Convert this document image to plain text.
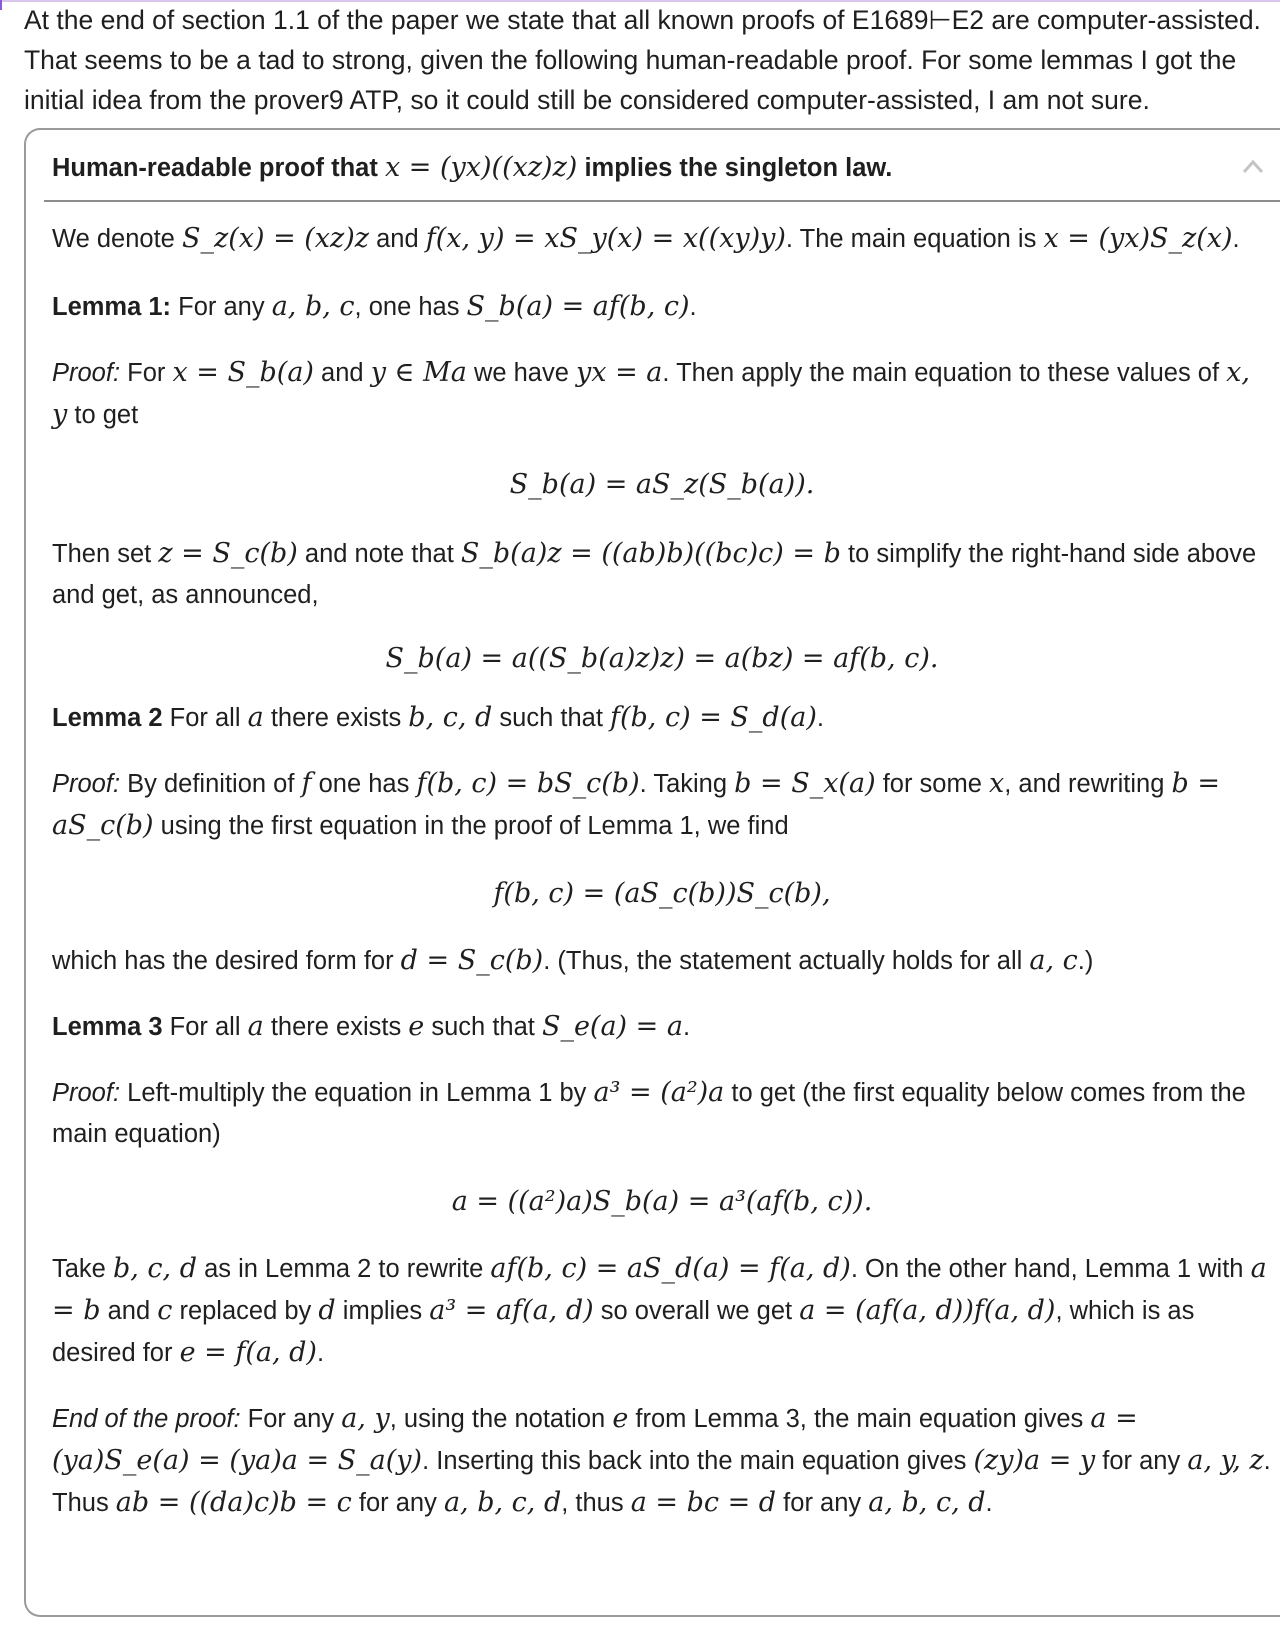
At the end of section 1.1 of the paper we state that all known proofs of E1689⊢E2 are computer-assisted. That seems to be a tad to strong, given the following human-readable proof. For some lemmas I got the initial idea from the prover9 ATP, so it could still be considered computer-assisted, I am not sure.

Human-readable proof that x = (yx)((xz)z) implies the singleton law.

We denote S_z(x) = (xz)z and f(x, y) = xS_y(x) = x((xy)y). The main equation is x = (yx)S_z(x).

Lemma 1: For any a, b, c, one has S_b(a) = af(b, c).

Proof: For x = S_b(a) and y ∈ Ma we have yx = a. Then apply the main equation to these values of x, y to get

S_b(a) = aS_z(S_b(a)).

Then set z = S_c(b) and note that S_b(a)z = ((ab)b)((bc)c) = b to simplify the right-hand side above and get, as announced,

S_b(a) = a((S_b(a)z)z) = a(bz) = af(b, c).

Lemma 2 For all a there exists b, c, d such that f(b, c) = S_d(a).

Proof: By definition of f one has f(b, c) = bS_c(b). Taking b = S_x(a) for some x, and rewriting b = aS_c(b) using the first equation in the proof of Lemma 1, we find

f(b, c) = (aS_c(b))S_c(b),

which has the desired form for d = S_c(b). (Thus, the statement actually holds for all a, c.)

Lemma 3 For all a there exists e such that S_e(a) = a.

Proof: Left-multiply the equation in Lemma 1 by a³ = (a²)a to get (the first equality below comes from the main equation)

a = ((a²)a)S_b(a) = a³(af(b, c)).

Take b, c, d as in Lemma 2 to rewrite af(b, c) = aS_d(a) = f(a, d). On the other hand, Lemma 1 with a = b and c replaced by d implies a³ = af(a, d) so overall we get a = (af(a, d))f(a, d), which is as desired for e = f(a, d).

End of the proof: For any a, y, using the notation e from Lemma 3, the main equation gives a = (ya)S_e(a) = (ya)a = S_a(y). Inserting this back into the main equation gives (zy)a = y for any a, y, z. Thus ab = ((da)c)b = c for any a, b, c, d, thus a = bc = d for any a, b, c, d.
